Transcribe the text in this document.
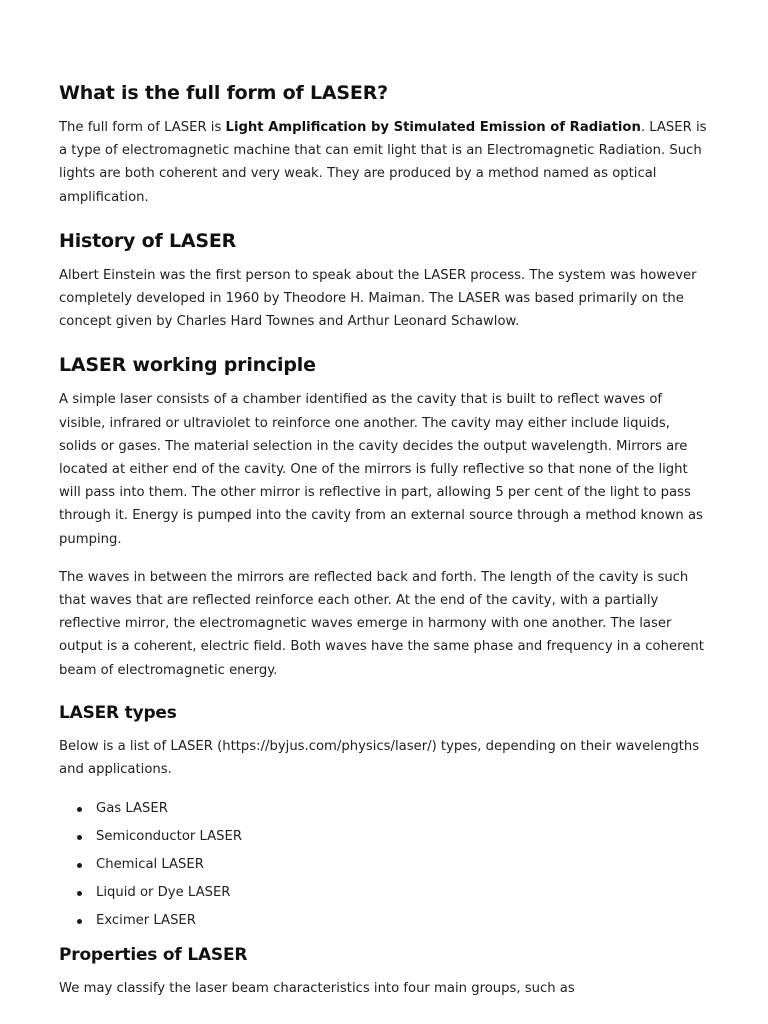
What is the full form of LASER?

The full form of LASER is Light Amplification by Stimulated Emission of Radiation. LASER is a type of electromagnetic machine that can emit light that is an Electromagnetic Radiation. Such lights are both coherent and very weak. They are produced by a method named as optical amplification.

History of LASER

Albert Einstein was the first person to speak about the LASER process. The system was however completely developed in 1960 by Theodore H. Maiman. The LASER was based primarily on the concept given by Charles Hard Townes and Arthur Leonard Schawlow.

LASER working principle

A simple laser consists of a chamber identified as the cavity that is built to reflect waves of visible, infrared or ultraviolet to reinforce one another. The cavity may either include liquids, solids or gases. The material selection in the cavity decides the output wavelength. Mirrors are located at either end of the cavity. One of the mirrors is fully reflective so that none of the light will pass into them. The other mirror is reflective in part, allowing 5 per cent of the light to pass through it. Energy is pumped into the cavity from an external source through a method known as pumping.

The waves in between the mirrors are reflected back and forth. The length of the cavity is such that waves that are reflected reinforce each other. At the end of the cavity, with a partially reflective mirror, the electromagnetic waves emerge in harmony with one another. The laser output is a coherent, electric field. Both waves have the same phase and frequency in a coherent beam of electromagnetic energy.

LASER types

Below is a list of LASER (https://byjus.com/physics/laser/) types, depending on their wavelengths and applications.

Gas LASER
Semiconductor LASER
Chemical LASER
Liquid or Dye LASER
Excimer LASER
Properties of LASER

We may classify the laser beam characteristics into four main groups, such as
